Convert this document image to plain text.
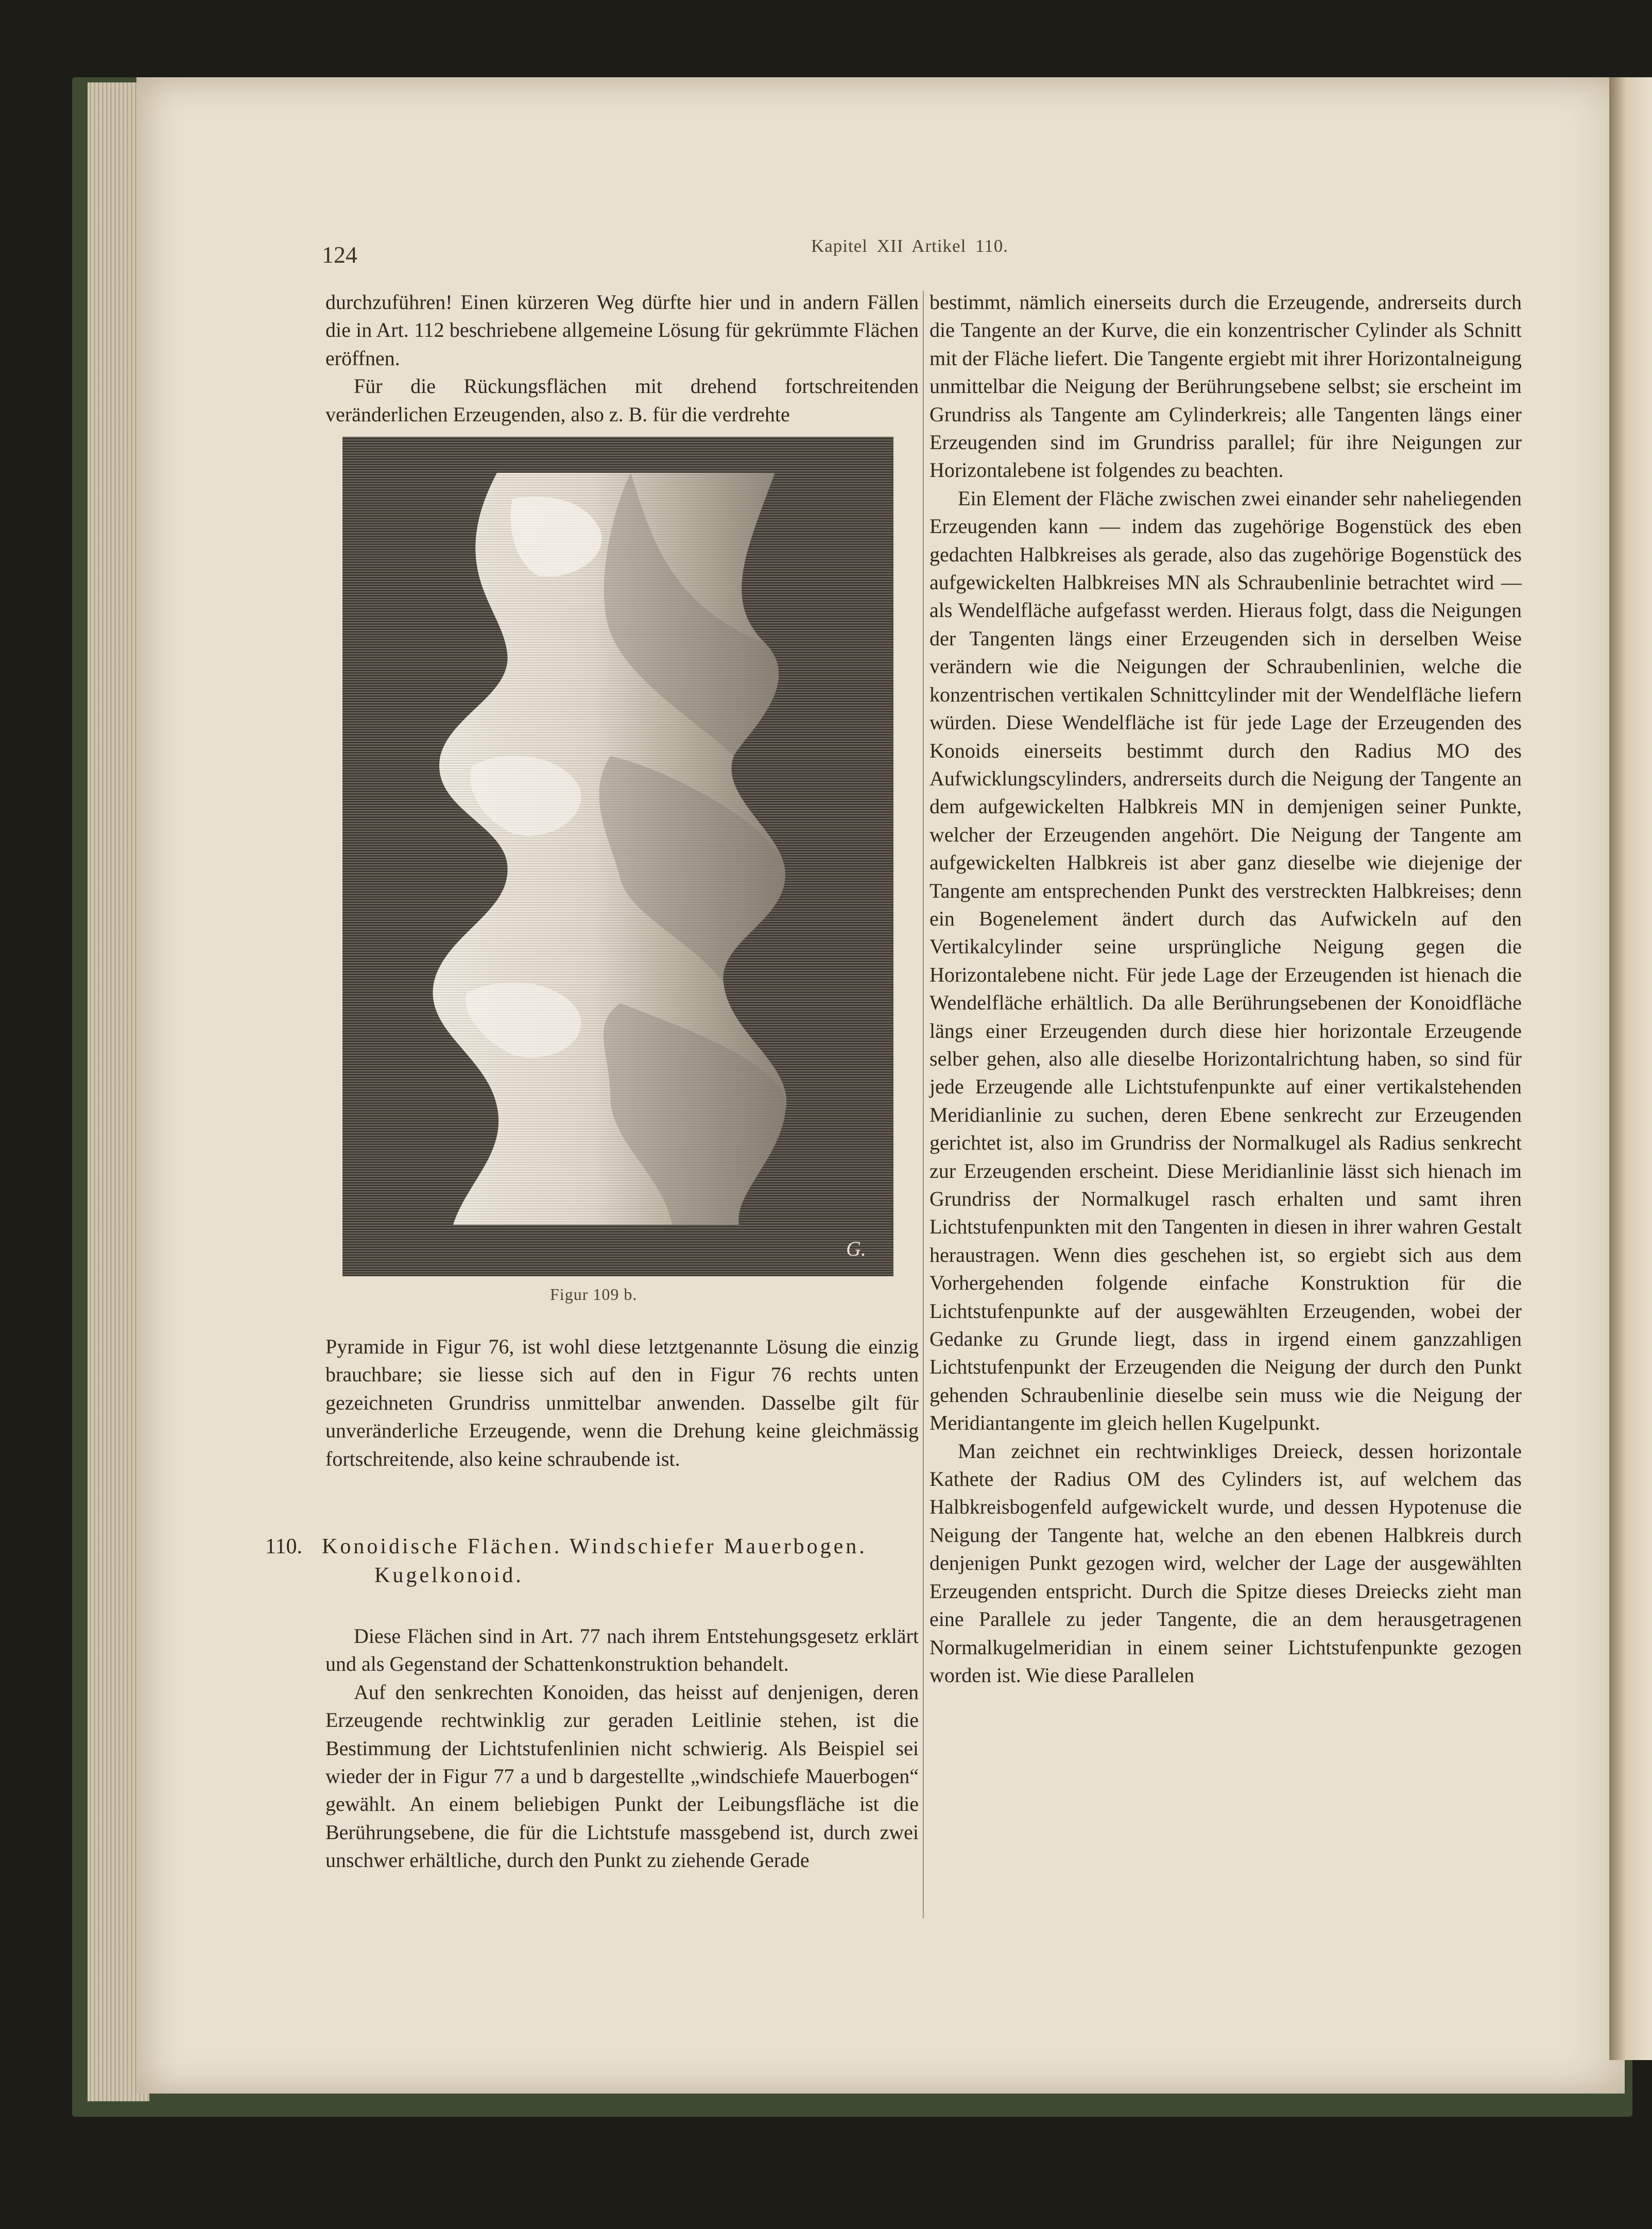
124	Kapitel XII Artikel 110.

durchzuführen! Einen kürzeren Weg dürfte hier und in andern Fällen die in Art. 112 beschriebene allgemeine Lösung für gekrümmte Flächen eröffnen.

Für die Rückungsflächen mit drehend fortschreitenden veränderlichen Erzeugenden, also z. B. für die verdrehte

G.
Figur 109 b.

Pyramide in Figur 76, ist wohl diese letztgenannte Lösung die einzig brauchbare; sie liesse sich auf den in Figur 76 rechts unten gezeichneten Grundriss unmittelbar anwenden. Dasselbe gilt für unveränderliche Erzeugende, wenn die Drehung keine gleichmässig fortschreitende, also keine schraubende ist.

110. Konoidische Flächen. Windschiefer Mauerbogen.
Kugelkonoid.

Diese Flächen sind in Art. 77 nach ihrem Entstehungsgesetz erklärt und als Gegenstand der Schattenkonstruktion behandelt.

Auf den senkrechten Konoiden, das heisst auf denjenigen, deren Erzeugende rechtwinklig zur geraden Leitlinie stehen, ist die Bestimmung der Lichtstufenlinien nicht schwierig. Als Beispiel sei wieder der in Figur 77 a und b dargestellte „windschiefe Mauerbogen“ gewählt. An einem beliebigen Punkt der Leibungsfläche ist die Berührungsebene, die für die Lichtstufe massgebend ist, durch zwei unschwer erhältliche, durch den Punkt zu ziehende Gerade

bestimmt, nämlich einerseits durch die Erzeugende, andrerseits durch die Tangente an der Kurve, die ein konzentrischer Cylinder als Schnitt mit der Fläche liefert. Die Tangente ergiebt mit ihrer Horizontalneigung unmittelbar die Neigung der Berührungsebene selbst; sie erscheint im Grundriss als Tangente am Cylinderkreis; alle Tangenten längs einer Erzeugenden sind im Grundriss parallel; für ihre Neigungen zur Horizontalebene ist folgendes zu beachten.

Ein Element der Fläche zwischen zwei einander sehr naheliegenden Erzeugenden kann — indem das zugehörige Bogenstück des eben gedachten Halbkreises als gerade, also das zugehörige Bogenstück des aufgewickelten Halbkreises MN als Schraubenlinie betrachtet wird — als Wendelfläche aufgefasst werden. Hieraus folgt, dass die Neigungen der Tangenten längs einer Erzeugenden sich in derselben Weise verändern wie die Neigungen der Schraubenlinien, welche die konzentrischen vertikalen Schnittcylinder mit der Wendelfläche liefern würden. Diese Wendelfläche ist für jede Lage der Erzeugenden des Konoids einerseits bestimmt durch den Radius MO des Aufwicklungscylinders, andrerseits durch die Neigung der Tangente an dem aufgewickelten Halbkreis MN in demjenigen seiner Punkte, welcher der Erzeugenden angehört. Die Neigung der Tangente am aufgewickelten Halbkreis ist aber ganz dieselbe wie diejenige der Tangente am entsprechenden Punkt des verstreckten Halbkreises; denn ein Bogenelement ändert durch das Aufwickeln auf den Vertikalcylinder seine ursprüngliche Neigung gegen die Horizontalebene nicht. Für jede Lage der Erzeugenden ist hienach die Wendelfläche erhältlich. Da alle Berührungsebenen der Konoidfläche längs einer Erzeugenden durch diese hier horizontale Erzeugende selber gehen, also alle dieselbe Horizontalrichtung haben, so sind für jede Erzeugende alle Lichtstufenpunkte auf einer vertikalstehenden Meridianlinie zu suchen, deren Ebene senkrecht zur Erzeugenden gerichtet ist, also im Grundriss der Normalkugel als Radius senkrecht zur Erzeugenden erscheint. Diese Meridianlinie lässt sich hienach im Grundriss der Normalkugel rasch erhalten und samt ihren Lichtstufenpunkten mit den Tangenten in diesen in ihrer wahren Gestalt heraustragen. Wenn dies geschehen ist, so ergiebt sich aus dem Vorhergehenden folgende einfache Konstruktion für die Lichtstufenpunkte auf der ausgewählten Erzeugenden, wobei der Gedanke zu Grunde liegt, dass in irgend einem ganzzahligen Lichtstufenpunkt der Erzeugenden die Neigung der durch den Punkt gehenden Schraubenlinie dieselbe sein muss wie die Neigung der Meridiantangente im gleich hellen Kugelpunkt.

Man zeichnet ein rechtwinkliges Dreieck, dessen horizontale Kathete der Radius OM des Cylinders ist, auf welchem das Halbkreisbogenfeld aufgewickelt wurde, und dessen Hypotenuse die Neigung der Tangente hat, welche an den ebenen Halbkreis durch denjenigen Punkt gezogen wird, welcher der Lage der ausgewählten Erzeugenden entspricht. Durch die Spitze dieses Dreiecks zieht man eine Parallele zu jeder Tangente, die an dem herausgetragenen Normalkugelmeridian in einem seiner Lichtstufenpunkte gezogen worden ist. Wie diese Parallelen
